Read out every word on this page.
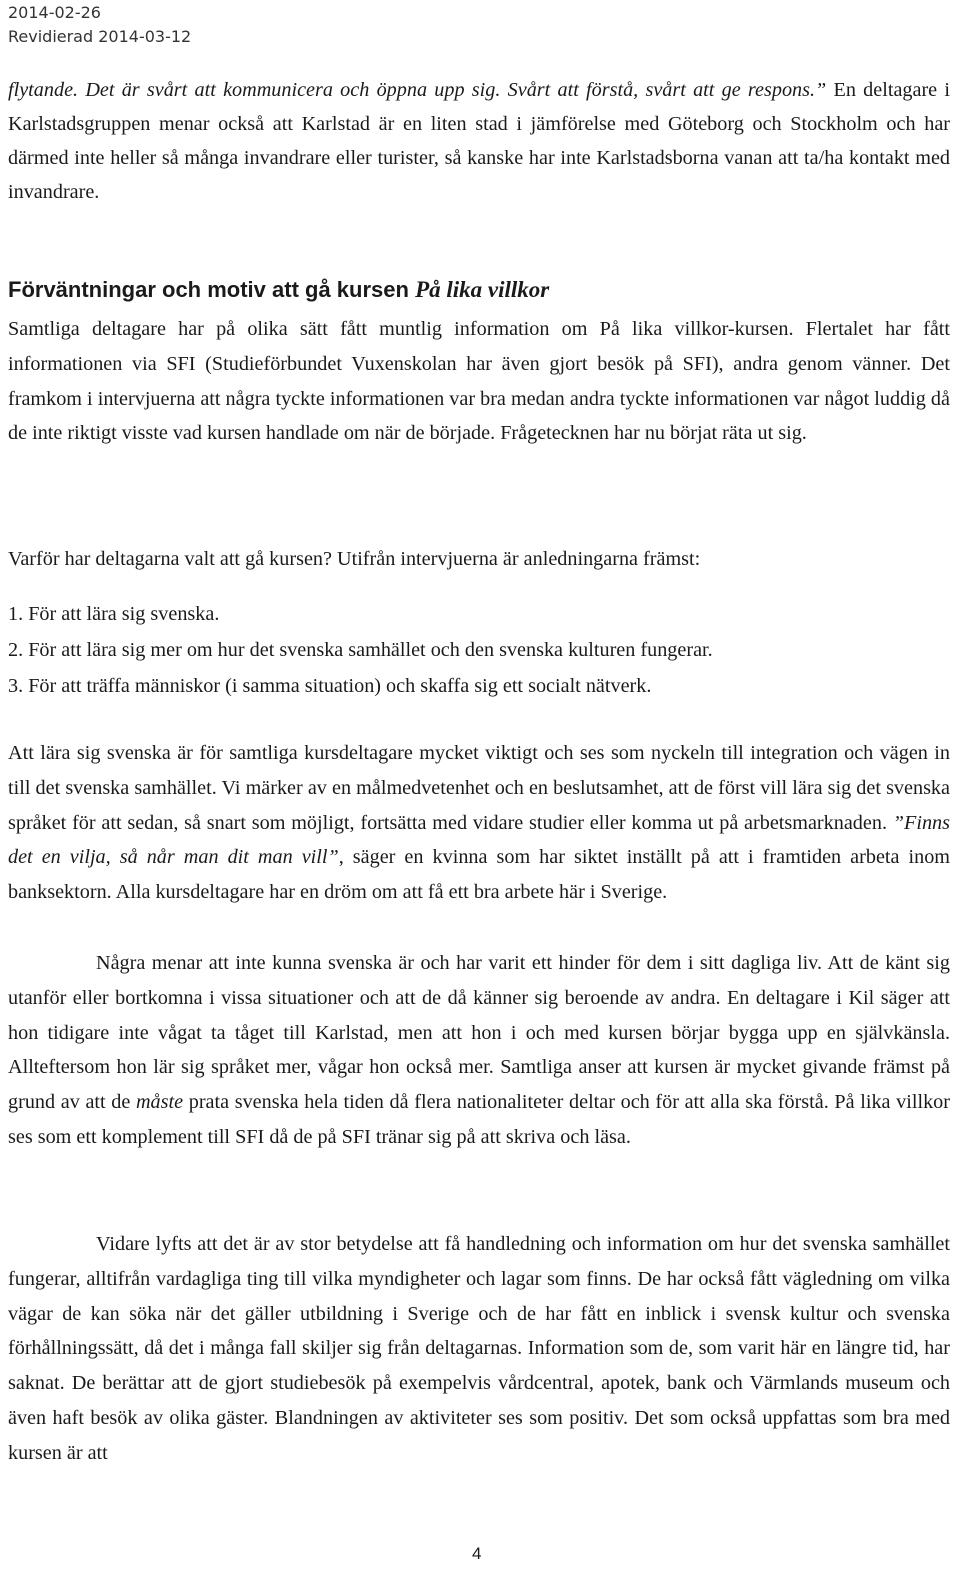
2014-02-26
Revidierad 2014-03-12

flytande. Det är svårt att kommunicera och öppna upp sig. Svårt att förstå, svårt att ge respons.” En deltagare i Karlstadsgruppen menar också att Karlstad är en liten stad i jämförelse med Göteborg och Stockholm och har därmed inte heller så många invandrare eller turister, så kanske har inte Karlstadsborna vanan att ta/ha kontakt med invandrare.

Förväntningar och motiv att gå kursen På lika villkor

Samtliga deltagare har på olika sätt fått muntlig information om På lika villkor-kursen. Flertalet har fått informationen via SFI (Studieförbundet Vuxenskolan har även gjort besök på SFI), andra genom vänner. Det framkom i intervjuerna att några tyckte informationen var bra medan andra tyckte informationen var något luddig då de inte riktigt visste vad kursen handlade om när de började. Frågetecknen har nu börjat räta ut sig.

Varför har deltagarna valt att gå kursen? Utifrån intervjuerna är anledningarna främst:

1. För att lära sig svenska.
2. För att lära sig mer om hur det svenska samhället och den svenska kulturen fungerar.
3. För att träffa människor (i samma situation) och skaffa sig ett socialt nätverk.

Att lära sig svenska är för samtliga kursdeltagare mycket viktigt och ses som nyckeln till integration och vägen in till det svenska samhället. Vi märker av en målmedvetenhet och en beslutsamhet, att de först vill lära sig det svenska språket för att sedan, så snart som möjligt, fortsätta med vidare studier eller komma ut på arbetsmarknaden. ”Finns det en vilja, så når man dit man vill”, säger en kvinna som har siktet inställt på att i framtiden arbeta inom banksektorn. Alla kursdeltagare har en dröm om att få ett bra arbete här i Sverige.

Några menar att inte kunna svenska är och har varit ett hinder för dem i sitt dagliga liv. Att de känt sig utanför eller bortkomna i vissa situationer och att de då känner sig beroende av andra. En deltagare i Kil säger att hon tidigare inte vågat ta tåget till Karlstad, men att hon i och med kursen börjar bygga upp en självkänsla. Allteftersom hon lär sig språket mer, vågar hon också mer. Samtliga anser att kursen är mycket givande främst på grund av att de måste prata svenska hela tiden då flera nationaliteter deltar och för att alla ska förstå. På lika villkor ses som ett komplement till SFI då de på SFI tränar sig på att skriva och läsa.

Vidare lyfts att det är av stor betydelse att få handledning och information om hur det svenska samhället fungerar, alltifrån vardagliga ting till vilka myndigheter och lagar som finns. De har också fått vägledning om vilka vägar de kan söka när det gäller utbildning i Sverige och de har fått en inblick i svensk kultur och svenska förhållningssätt, då det i många fall skiljer sig från deltagarnas. Information som de, som varit här en längre tid, har saknat. De berättar att de gjort studiebesök på exempelvis vårdcentral, apotek, bank och Värmlands museum och även haft besök av olika gäster. Blandningen av aktiviteter ses som positiv. Det som också uppfattas som bra med kursen är att

4
